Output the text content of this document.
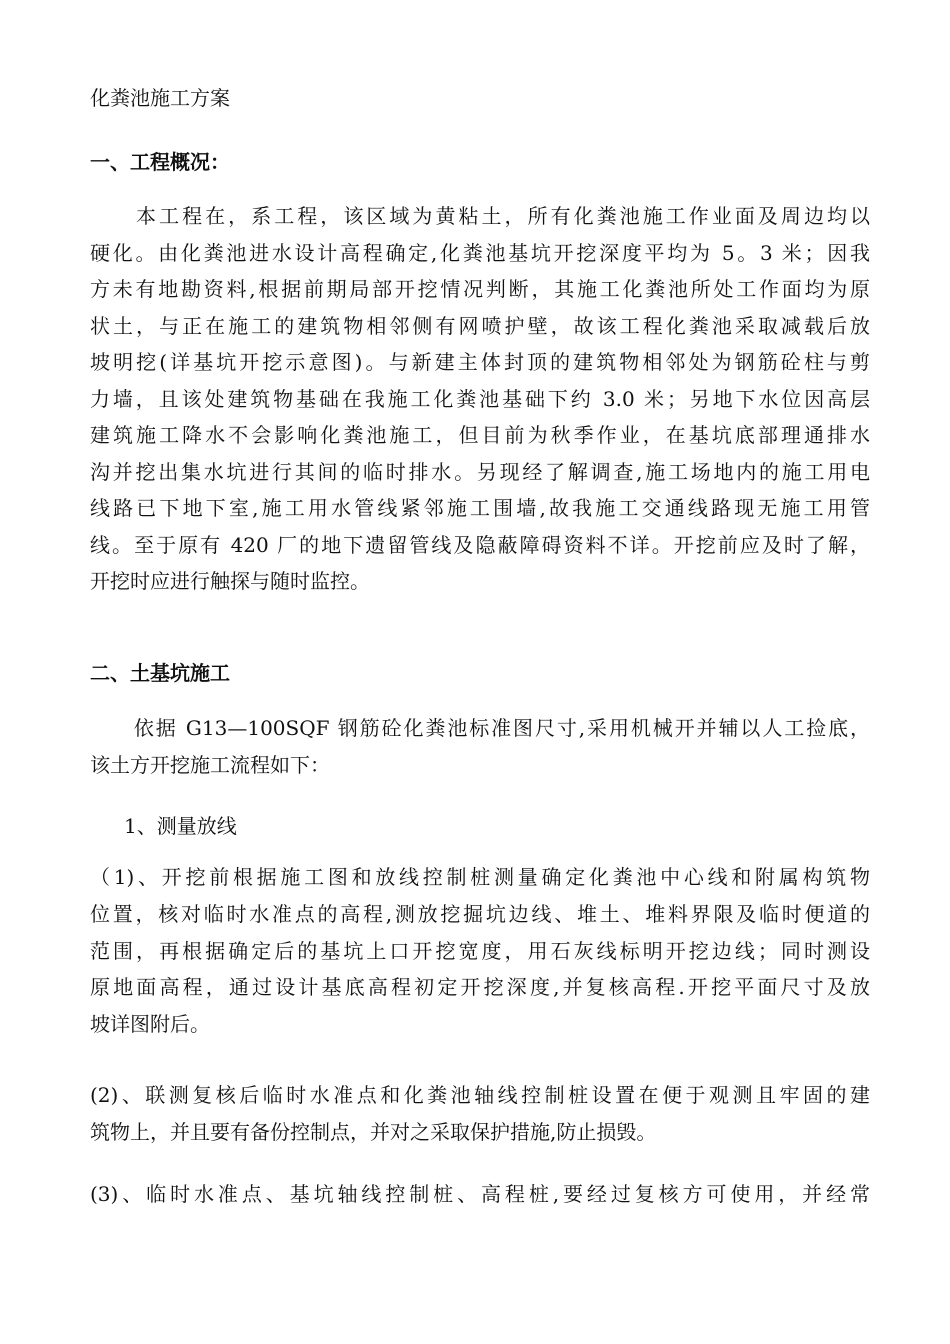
化粪池施工方案
一、工程概况：
　　本工程在，系工程，该区域为黄粘土，所有化粪池施工作业面及周边均以
硬化。由化粪池进水设计高程确定,化粪池基坑开挖深度平均为 5。3 米；因我
方未有地勘资料,根据前期局部开挖情况判断，其施工化粪池所处工作面均为原
状土，与正在施工的建筑物相邻侧有网喷护壁，故该工程化粪池采取减载后放
坡明挖(详基坑开挖示意图)。与新建主体封顶的建筑物相邻处为钢筋砼柱与剪
力墙，且该处建筑物基础在我施工化粪池基础下约 3.0 米；另地下水位因高层
建筑施工降水不会影响化粪池施工，但目前为秋季作业，在基坑底部理通排水
沟并挖出集水坑进行其间的临时排水。另现经了解调查,施工场地内的施工用电
线路已下地下室,施工用水管线紧邻施工围墙,故我施工交通线路现无施工用管
线。至于原有 420 厂的地下遗留管线及隐蔽障碍资料不详。开挖前应及时了解，
开挖时应进行触探与随时监控。
二、土基坑施工
　　依据 G13—100SQF 钢筋砼化粪池标准图尺寸,采用机械开并辅以人工捡底，
该土方开挖施工流程如下：
1、测量放线
（1)、开挖前根据施工图和放线控制桩测量确定化粪池中心线和附属构筑物
位置，核对临时水准点的高程,测放挖掘坑边线、堆土、堆料界限及临时便道的
范围，再根据确定后的基坑上口开挖宽度，用石灰线标明开挖边线；同时测设
原地面高程，通过设计基底高程初定开挖深度,并复核高程.开挖平面尺寸及放
坡详图附后。
(2)、联测复核后临时水准点和化粪池轴线控制桩设置在便于观测且牢固的建
筑物上，并且要有备份控制点，并对之采取保护措施,防止损毁。
(3)、临时水准点、基坑轴线控制桩、高程桩,要经过复核方可使用，并经常
